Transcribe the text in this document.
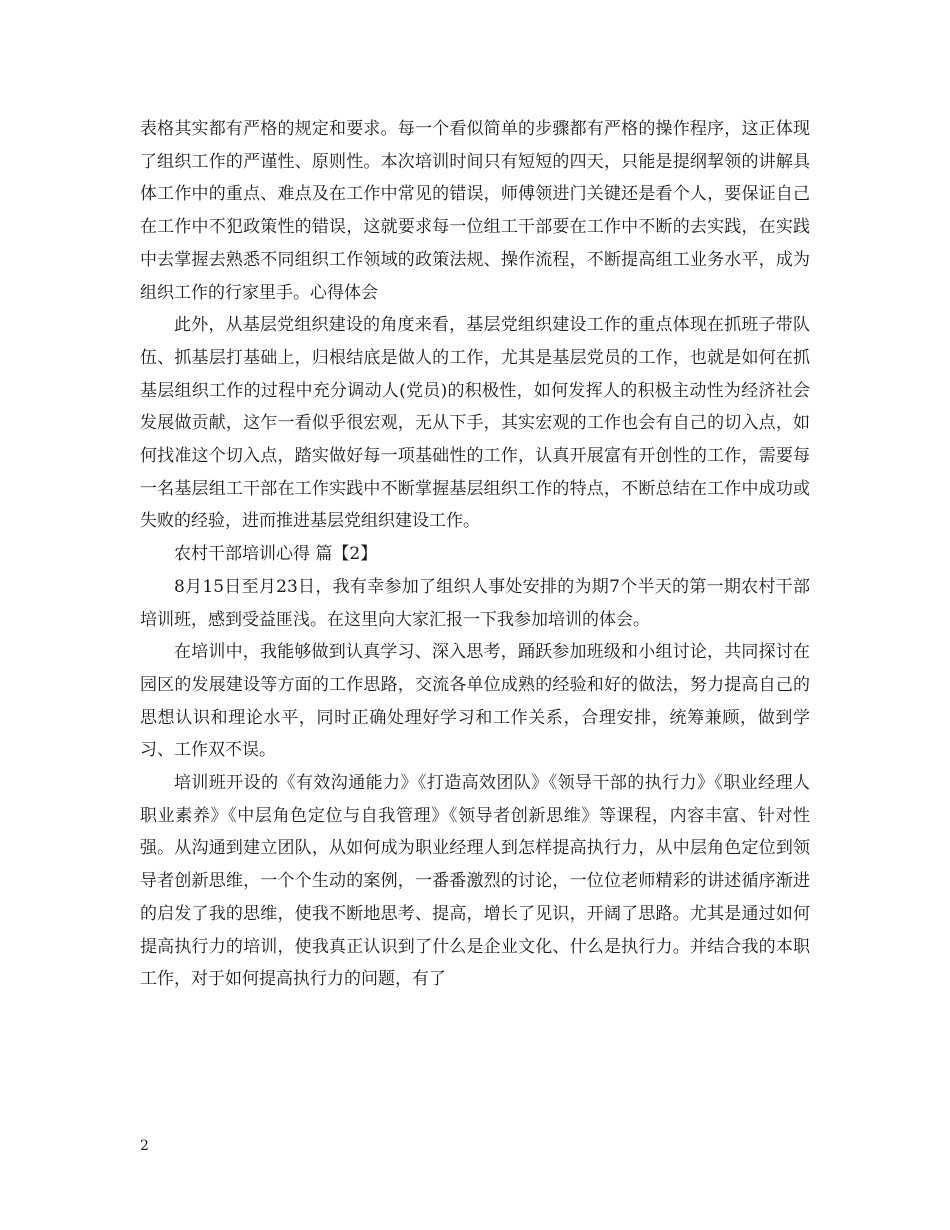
表格其实都有严格的规定和要求。每一个看似简单的步骤都有严格的操作程序，这正体现了组织工作的严谨性、原则性。本次培训时间只有短短的四天，只能是提纲挈领的讲解具体工作中的重点、难点及在工作中常见的错误，师傅领进门关键还是看个人，要保证自己在工作中不犯政策性的错误，这就要求每一位组工干部要在工作中不断的去实践，在实践中去掌握去熟悉不同组织工作领域的政策法规、操作流程，不断提高组工业务水平，成为组织工作的行家里手。心得体会

此外，从基层党组织建设的角度来看，基层党组织建设工作的重点体现在抓班子带队伍、抓基层打基础上，归根结底是做人的工作，尤其是基层党员的工作，也就是如何在抓基层组织工作的过程中充分调动人(党员)的积极性，如何发挥人的积极主动性为经济社会发展做贡献，这乍一看似乎很宏观，无从下手，其实宏观的工作也会有自己的切入点，如何找准这个切入点，踏实做好每一项基础性的工作，认真开展富有开创性的工作，需要每一名基层组工干部在工作实践中不断掌握基层组织工作的特点，不断总结在工作中成功或失败的经验，进而推进基层党组织建设工作。

农村干部培训心得 篇【2】

8月15日至月23日，我有幸参加了组织人事处安排的为期7个半天的第一期农村干部培训班，感到受益匪浅。在这里向大家汇报一下我参加培训的体会。

在培训中，我能够做到认真学习、深入思考，踊跃参加班级和小组讨论，共同探讨在园区的发展建设等方面的工作思路，交流各单位成熟的经验和好的做法，努力提高自己的思想认识和理论水平，同时正确处理好学习和工作关系，合理安排，统筹兼顾，做到学习、工作双不误。

培训班开设的《有效沟通能力》《打造高效团队》《领导干部的执行力》《职业经理人职业素养》《中层角色定位与自我管理》《领导者创新思维》等课程，内容丰富、针对性强。从沟通到建立团队，从如何成为职业经理人到怎样提高执行力，从中层角色定位到领导者创新思维，一个个生动的案例，一番番激烈的讨论，一位位老师精彩的讲述循序渐进的启发了我的思维，使我不断地思考、提高，增长了见识，开阔了思路。尤其是通过如何提高执行力的培训，使我真正认识到了什么是企业文化、什么是执行力。并结合我的本职工作，对于如何提高执行力的问题，有了

2
